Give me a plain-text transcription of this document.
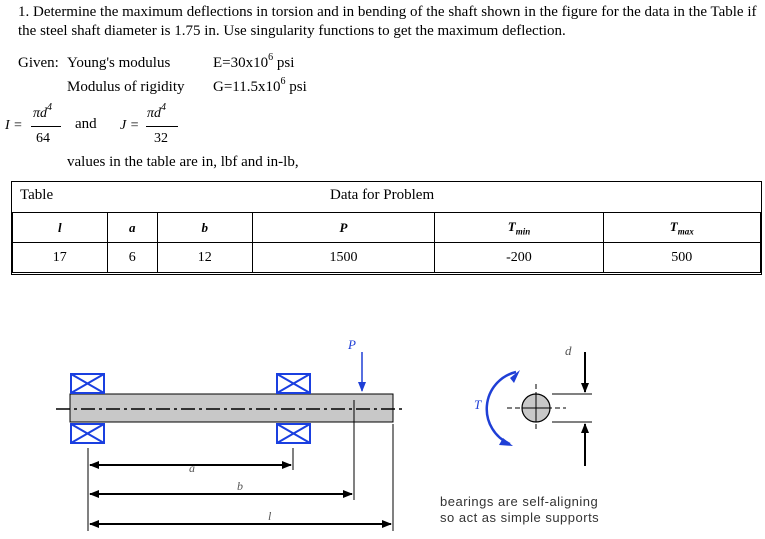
1. Determine the maximum deflections in torsion and in bending of the shaft shown in the figure for the data in the Table if the steel shaft diameter is 1.75 in. Use singularity functions to get the maximum deflection.
Given: Young's modulus	$E=30x10^6$ psi
Modulus of rigidity $G=11.5x10^6$ psi
I =
$\pi d^4$
64
and J =
$\pi d^4$
32
values in the table are in, lbf and in-lb,
Table	Data for Problem
l	a	b	P	$T_{min}$	$T_{max}$
17	6	12	1500	-200	500
P
a
b
l
T
d
bearings are self-aligning
so act as simple supports
